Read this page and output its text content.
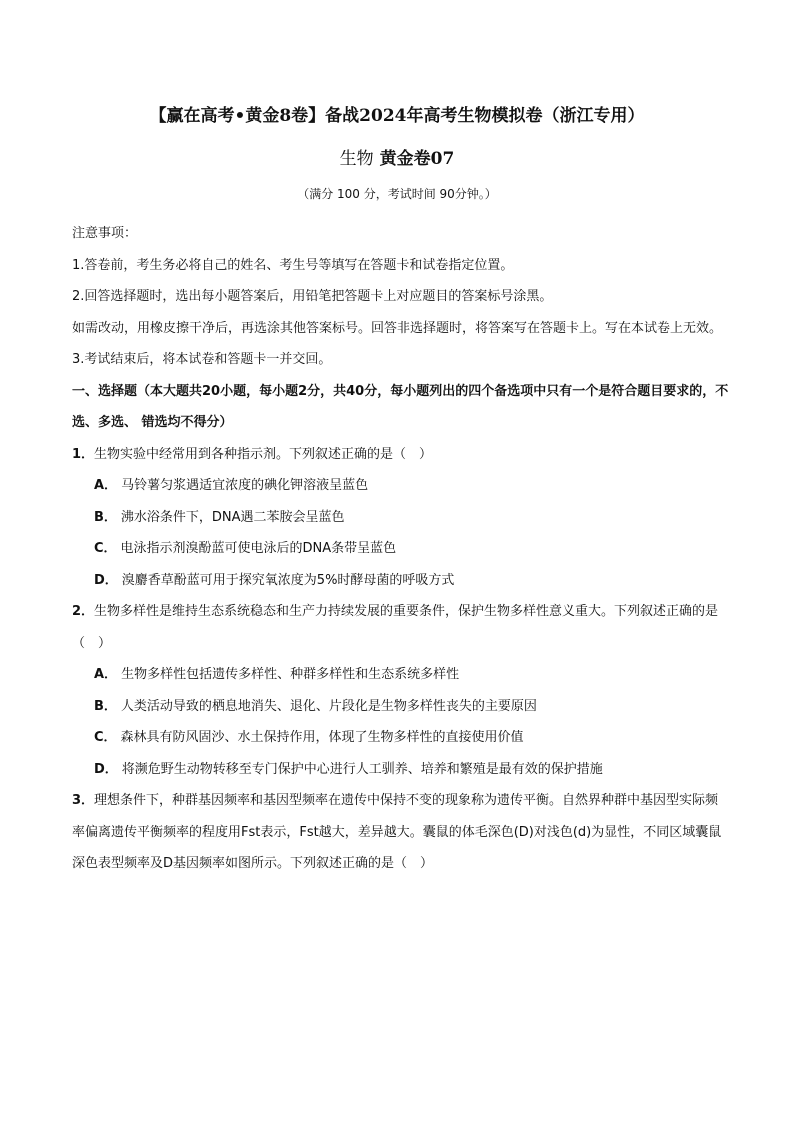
【赢在高考•黄金8卷】备战2024年高考生物模拟卷（浙江专用）
生物 黄金卷07
（满分 100 分，考试时间 90分钟。）
注意事项：
1.答卷前，考生务必将自己的姓名、考生号等填写在答题卡和试卷指定位置。
2.回答选择题时，选出每小题答案后，用铅笔把答题卡上对应题目的答案标号涂黑。
如需改动，用橡皮擦干净后，再选涂其他答案标号。回答非选择题时，将答案写在答题卡上。写在本试卷上无效。
3.考试结束后，将本试卷和答题卡一并交回。
一、选择题（本大题共20小题，每小题2分，共40分，每小题列出的四个备选项中只有一个是符合题目要求的，不选、多选、 错选均不得分）
1．生物实验中经常用到各种指示剂。下列叙述正确的是（　）
A． 马铃薯匀浆遇适宜浓度的碘化钾溶液呈蓝色
B． 沸水浴条件下，DNA遇二苯胺会呈蓝色
C． 电泳指示剂溴酚蓝可使电泳后的DNA条带呈蓝色
D． 溴麝香草酚蓝可用于探究氧浓度为5%时酵母菌的呼吸方式
2．生物多样性是维持生态系统稳态和生产力持续发展的重要条件，保护生物多样性意义重大。下列叙述正确的是（　）
A． 生物多样性包括遗传多样性、种群多样性和生态系统多样性
B． 人类活动导致的栖息地消失、退化、片段化是生物多样性丧失的主要原因
C． 森林具有防风固沙、水土保持作用，体现了生物多样性的直接使用价值
D． 将濒危野生动物转移至专门保护中心进行人工驯养、培养和繁殖是最有效的保护措施
3．理想条件下，种群基因频率和基因型频率在遗传中保持不变的现象称为遗传平衡。自然界种群中基因型实际频率偏离遗传平衡频率的程度用Fst表示，Fst越大，差异越大。囊鼠的体毛深色(D)对浅色(d)为显性，不同区域囊鼠深色表型频率及D基因频率如图所示。下列叙述正确的是（　）
